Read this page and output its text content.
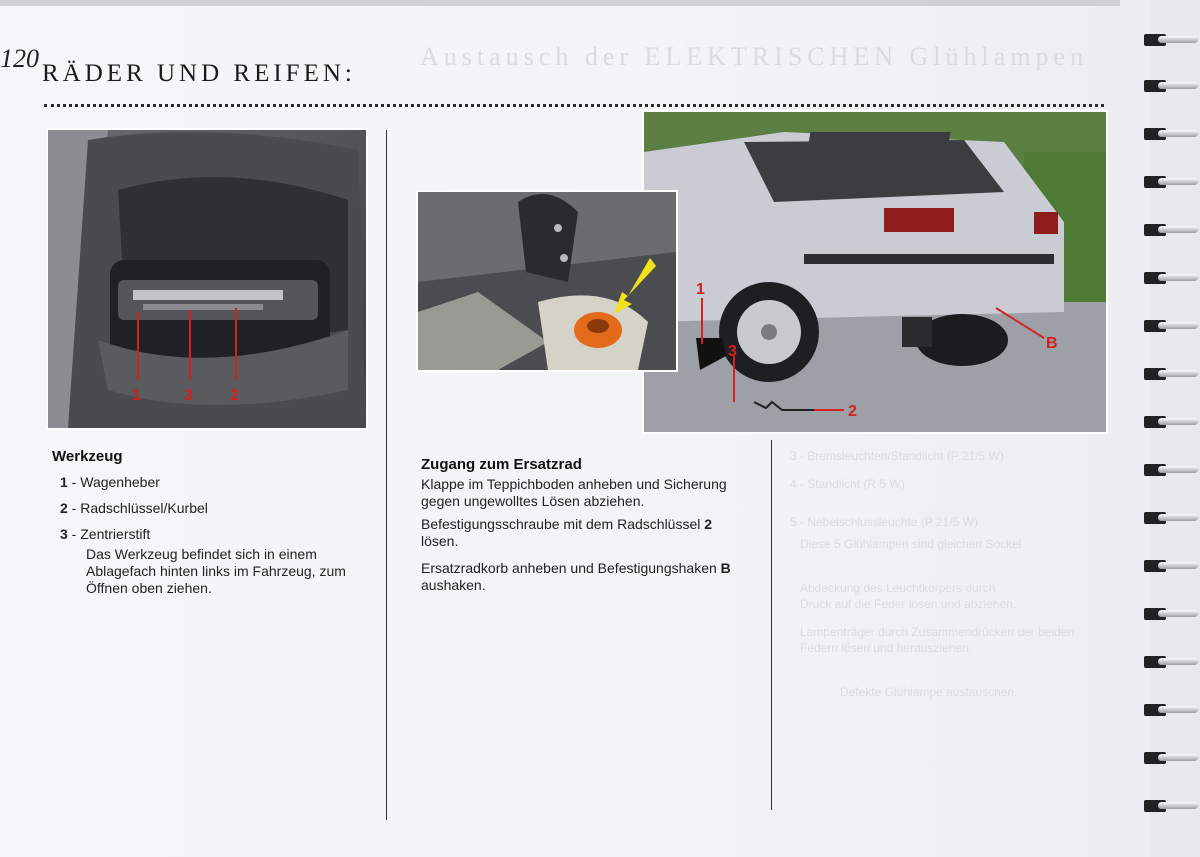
Austausch der ELEKTRISCHEN Glühlampen
3 - Bremsleuchten/Standlicht (P 21/5 W)
4 - Standlicht (R 5 W)
5 - Nebelschlussleuchte (P 21/5 W)
Diese 5 Glühlampen sind gleichen Sockel
Abdeckung des Leuchtkörpers durch
Druck auf die Feder lösen und abziehen.
Lampenträger durch Zusammendrücken der beiden Federn lösen und herausziehen.
Defekte Glühlampe austauschen.
120
RÄDER UND REIFEN:
1	3 2
1
3
2
B
Werkzeug
1 - Wagenheber
2 - Radschlüssel/Kurbel
3 - Zentrierstift

Das Werkzeug befindet sich in einem Ablagefach hinten links im Fahrzeug, zum Öffnen oben ziehen.

Zugang zum Ersatzrad

Klappe im Teppichboden anheben und Sicherung gegen ungewolltes Lösen abziehen.

Befestigungsschraube mit dem Radschlüssel 2
lösen.

Ersatzradkorb anheben und Befestigungshaken B aushaken.
